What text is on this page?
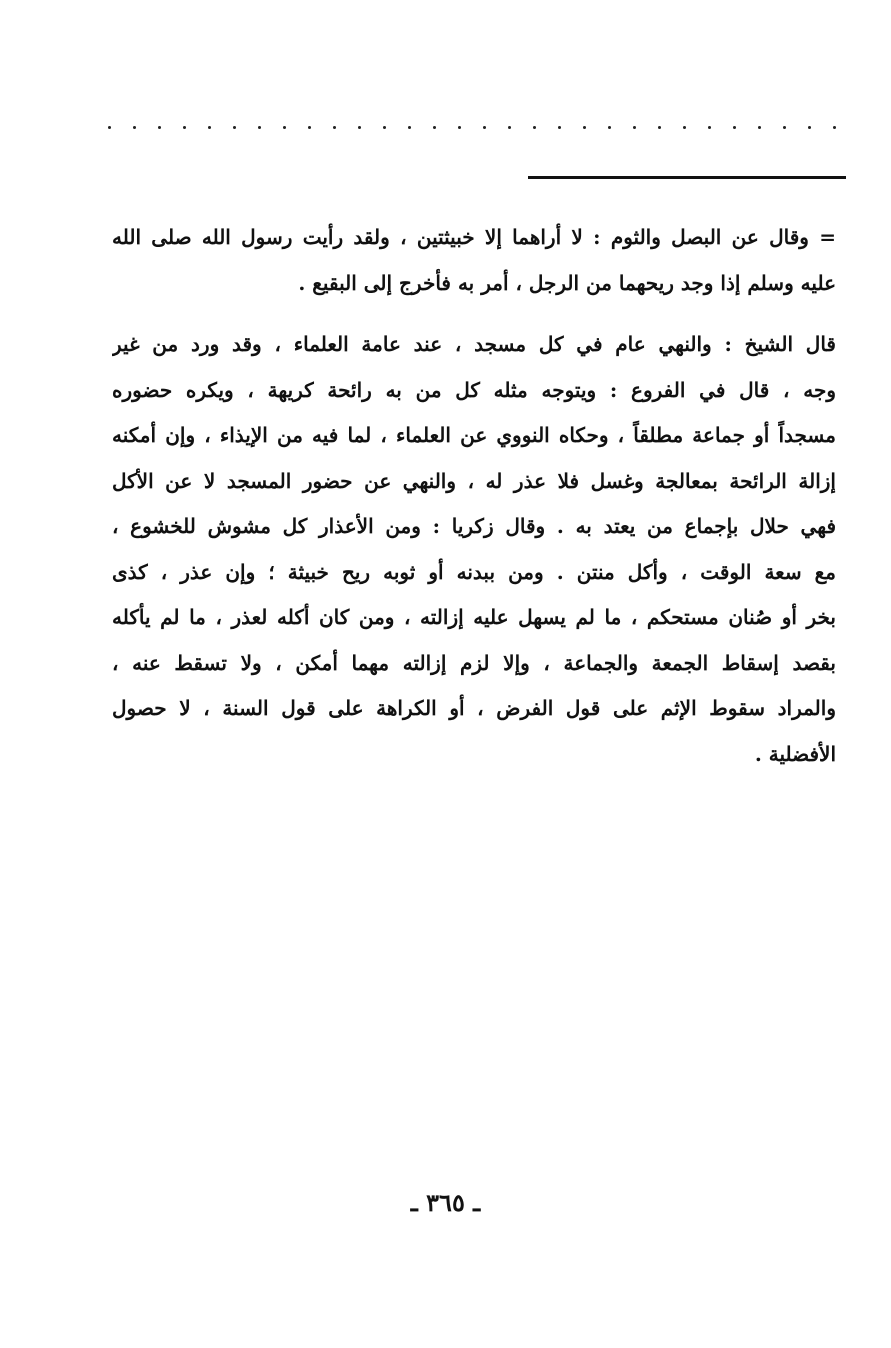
= وقال عن البصل والثوم : لا أراهما إلا خبيثتين ، ولقد رأيت رسول الله صلى الله
عليه وسلم إذا وجد ريحهما من الرجل ، أمر به فأخرج إلى البقيع .
قال الشيخ : والنهي عام في كل مسجد ، عند عامة العلماء ، وقد ورد من غير
وجه ، قال في الفروع : ويتوجه مثله كل من به رائحة كريهة ، ويكره حضوره
مسجداً أو جماعة مطلقاً ، وحكاه النووي عن العلماء ، لما فيه من الإيذاء ، وإن أمكنه
إزالة الرائحة بمعالجة وغسل فلا عذر له ، والنهي عن حضور المسجد لا عن الأكل
فهي حلال بإجماع من يعتد به . وقال زكريا : ومن الأعذار كل مشوش للخشوع ،
مع سعة الوقت ، وأكل منتن . ومن ببدنه أو ثوبه ريح خبيثة ؛ وإن عذر ، كذى
بخر أو صُنان مستحكم ، ما لم يسهل عليه إزالته ، ومن كان أكله لعذر ، ما لم يأكله
بقصد إسقاط الجمعة والجماعة ، وإلا لزم إزالته مهما أمكن ، ولا تسقط عنه ،
والمراد سقوط الإثم على قول الفرض ، أو الكراهة على قول السنة ، لا حصول
الأفضلية .
ـ ٣٦٥ ـ
